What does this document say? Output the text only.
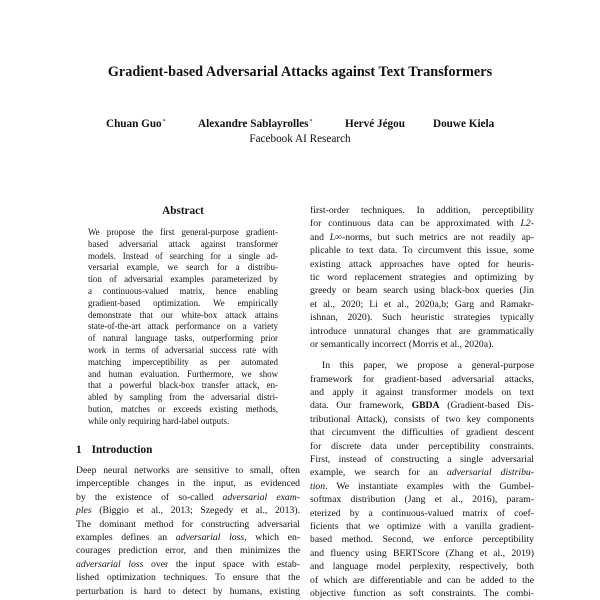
Gradient-based Adversarial Attacks against Text Transformers
Chuan Guo*	Alexandre Sablayrolles*	Hervé Jégou	Douwe Kiela
Facebook AI Research
Abstract
We propose the first general-purpose gradient-
based adversarial attack against transformer
models. Instead of searching for a single ad-
versarial example, we search for a distribu-
tion of adversarial examples parameterized by
a continuous-valued matrix, hence enabling
gradient-based optimization. We empirically
demonstrate that our white-box attack attains
state-of-the-art attack performance on a variety
of natural language tasks, outperforming prior
work in terms of adversarial success rate with
matching imperceptibility as per automated
and human evaluation. Furthermore, we show
that a powerful black-box transfer attack, en-
abled by sampling from the adversarial distri-
bution, matches or exceeds existing methods,
while only requiring hard-label outputs.
1 Introduction
Deep neural networks are sensitive to small, often
imperceptible changes in the input, as evidenced
by the existence of so-called adversarial exam-
ples (Biggio et al., 2013; Szegedy et al., 2013).
The dominant method for constructing adversarial
examples defines an adversarial loss, which en-
courages prediction error, and then minimizes the
adversarial loss over the input space with estab-
lished optimization techniques. To ensure that the
perturbation is hard to detect by humans, existing
first-order techniques. In addition, perceptibility
for continuous data can be approximated with L2-
and L∞-norms, but such metrics are not readily ap-
plicable to text data. To circumvent this issue, some
existing attack approaches have opted for heuris-
tic word replacement strategies and optimizing by
greedy or beam search using black-box queries (Jin
et al., 2020; Li et al., 2020a,b; Garg and Ramakr-
ishnan, 2020). Such heuristic strategies typically
introduce unnatural changes that are grammatically
or semantically incorrect (Morris et al., 2020a).
In this paper, we propose a general-purpose
framework for gradient-based adversarial attacks,
and apply it against transformer models on text
data. Our framework, GBDA (Gradient-based Dis-
tributional Attack), consists of two key components
that circumvent the difficulties of gradient descent
for discrete data under perceptibility constraints.
First, instead of constructing a single adversarial
example, we search for an adversarial distribu-
tion. We instantiate examples with the Gumbel-
softmax distribution (Jang et al., 2016), param-
eterized by a continuous-valued matrix of coef-
ficients that we optimize with a vanilla gradient-
based method. Second, we enforce perceptibility
and fluency using BERTScore (Zhang et al., 2019)
and language model perplexity, respectively, both
of which are differentiable and can be added to the
objective function as soft constraints. The combi-
